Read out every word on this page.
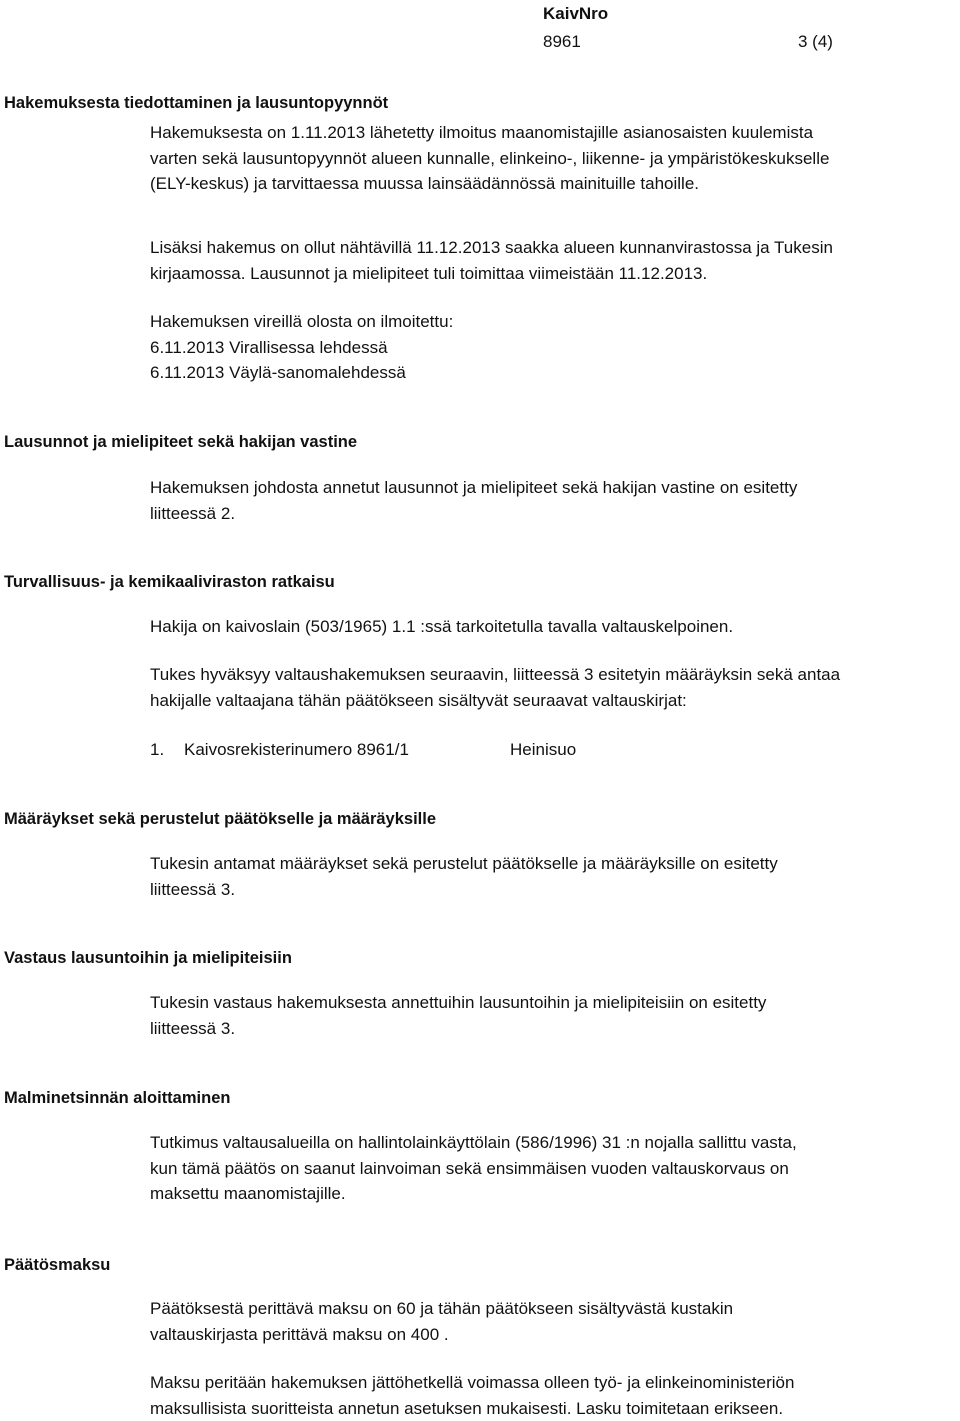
KaivNro
8961	3 (4)
Hakemuksesta tiedottaminen ja lausuntopyynnöt
Hakemuksesta on 1.11.2013 lähetetty ilmoitus maanomistajille asianosaisten kuulemista
varten sekä lausuntopyynnöt alueen kunnalle, elinkeino-, liikenne- ja ympäristökeskukselle
(ELY-keskus) ja tarvittaessa muussa lainsäädännössä mainituille tahoille.
Lisäksi hakemus on ollut nähtävillä 11.12.2013 saakka alueen kunnanvirastossa ja Tukesin
kirjaamossa. Lausunnot ja mielipiteet tuli toimittaa viimeistään 11.12.2013.
Hakemuksen vireillä olosta on ilmoitettu:
6.11.2013 Virallisessa lehdessä
6.11.2013 Väylä-sanomalehdessä
Lausunnot ja mielipiteet sekä hakijan vastine
Hakemuksen johdosta annetut lausunnot ja mielipiteet sekä hakijan vastine on esitetty
liitteessä 2.
Turvallisuus- ja kemikaaliviraston ratkaisu
Hakija on kaivoslain (503/1965) 1.1 :ssä tarkoitetulla tavalla valtauskelpoinen.
Tukes hyväksyy valtaushakemuksen seuraavin, liitteessä 3 esitetyin määräyksin sekä antaa
hakijalle valtaajana tähän päätökseen sisältyvät seuraavat valtauskirjat:
1. Kaivosrekisterinumero 8961/1	Heinisuo
Määräykset sekä perustelut päätökselle ja määräyksille
Tukesin antamat määräykset sekä perustelut päätökselle ja määräyksille on esitetty
liitteessä 3.
Vastaus lausuntoihin ja mielipiteisiin
Tukesin vastaus hakemuksesta annettuihin lausuntoihin ja mielipiteisiin on esitetty
liitteessä 3.
Malminetsinnän aloittaminen
Tutkimus valtausalueilla on hallintolainkäyttölain (586/1996) 31 :n nojalla sallittu vasta,
kun tämä päätös on saanut lainvoiman sekä ensimmäisen vuoden valtauskorvaus on
maksettu maanomistajille.
Päätösmaksu
Päätöksestä perittävä maksu on 60 ja tähän päätökseen sisältyvästä kustakin
valtauskirjasta perittävä maksu on 400 .
Maksu peritään hakemuksen jättöhetkellä voimassa olleen työ- ja elinkeinoministeriön
maksullisista suoritteista annetun asetuksen mukaisesti. Lasku toimitetaan erikseen.
